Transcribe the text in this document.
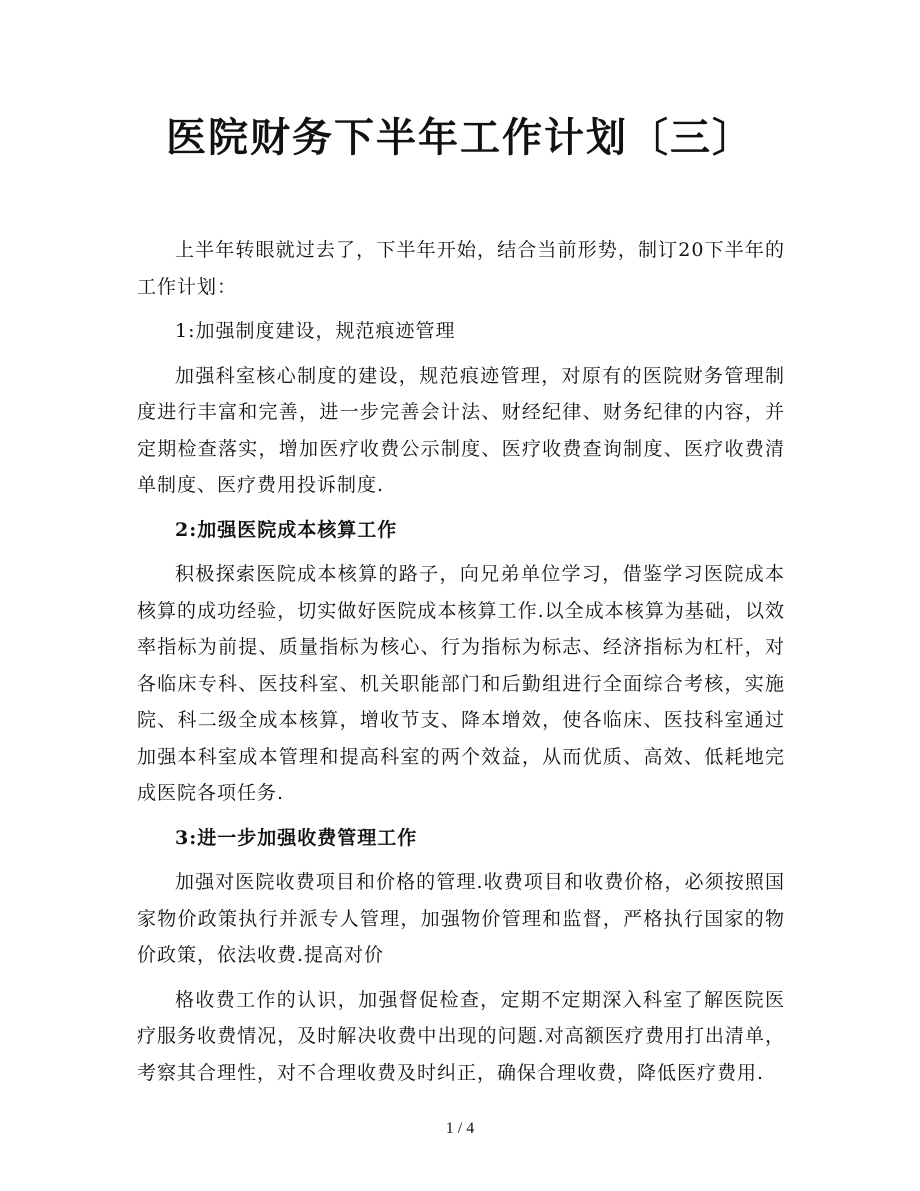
医院财务下半年工作计划〔三〕

上半年转眼就过去了，下半年开始，结合当前形势，制订20下半年的工作计划：

1:加强制度建设，规范痕迹管理

加强科室核心制度的建设，规范痕迹管理，对原有的医院财务管理制度进行丰富和完善，进一步完善会计法、财经纪律、财务纪律的内容，并定期检查落实，增加医疗收费公示制度、医疗收费查询制度、医疗收费清单制度、医疗费用投诉制度.

2:加强医院成本核算工作

积极探索医院成本核算的路子，向兄弟单位学习，借鉴学习医院成本核算的成功经验，切实做好医院成本核算工作.以全成本核算为基础，以效率指标为前提、质量指标为核心、行为指标为标志、经济指标为杠杆，对各临床专科、医技科室、机关职能部门和后勤组进行全面综合考核，实施院、科二级全成本核算，增收节支、降本增效，使各临床、医技科室通过加强本科室成本管理和提高科室的两个效益，从而优质、高效、低耗地完成医院各项任务.

3:进一步加强收费管理工作

加强对医院收费项目和价格的管理.收费项目和收费价格，必须按照国家物价政策执行并派专人管理，加强物价管理和监督，严格执行国家的物价政策，依法收费.提高对价

格收费工作的认识，加强督促检查，定期不定期深入科室了解医院医疗服务收费情况，及时解决收费中出现的问题.对高额医疗费用打出清单，考察其合理性，对不合理收费及时纠正，确保合理收费，降低医疗费用.

1 / 4
